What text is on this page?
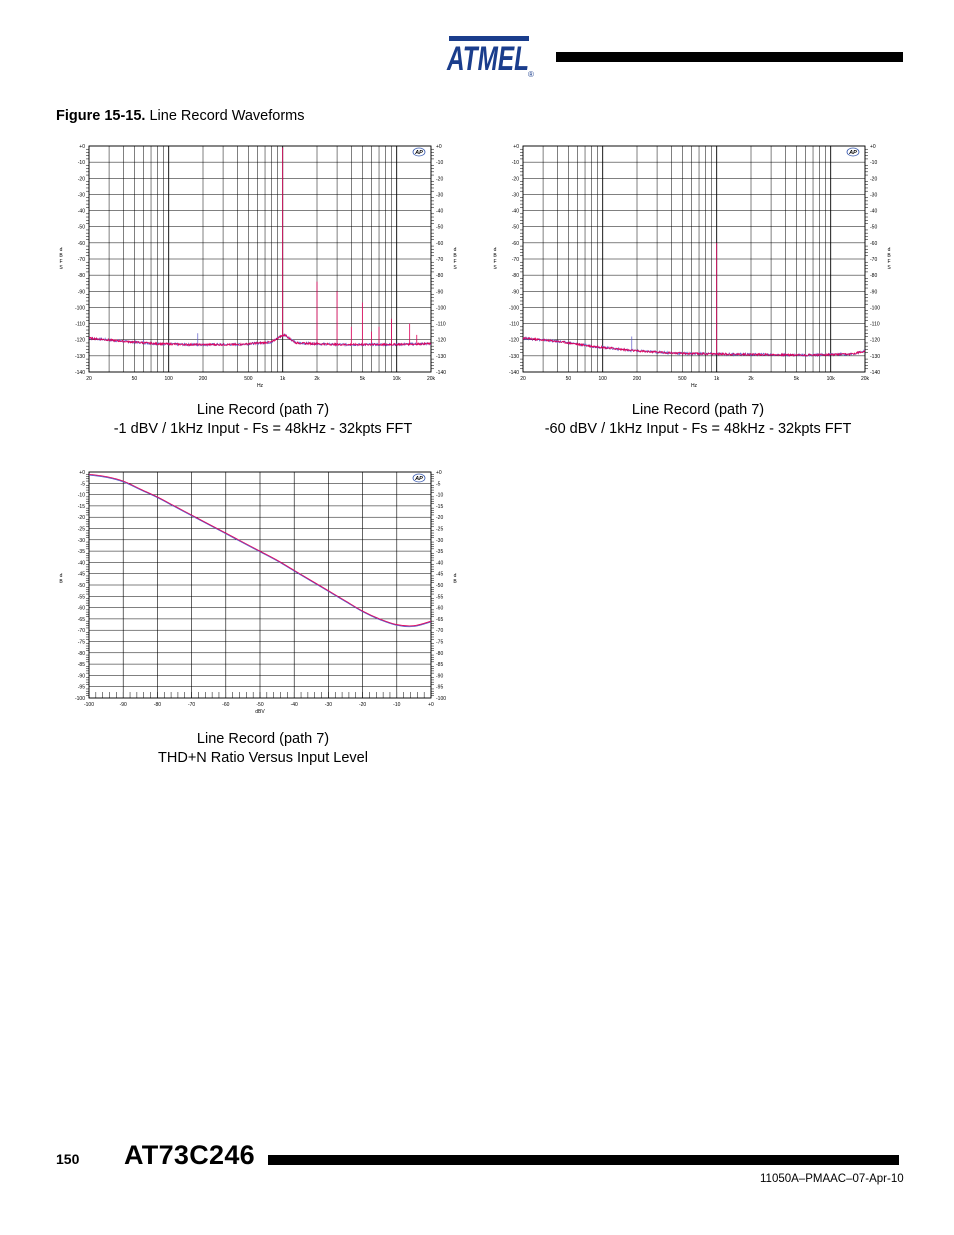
ATMEL ®
Figure 15-15. Line Record Waveforms
+0	+0
-10	-10
-20	-20
-30	-30
-40	-40
-50	-50
-60	-60
-70	-70
-80	-80
-90	-90
-100	-100
-110	-110
-120	-120
-130	-130
-140	-140
20	50	100	200	500	1k	2k	5k	10k	20k
Hz
d	d
B	B
F	F
S	S
AP
+0	+0
-10	-10
-20	-20
-30	-30
-40	-40
-50	-50
-60	-60
-70	-70
-80	-80
-90	-90
-100	-100
-110	-110
-120	-120
-130	-130
-140	-140
20	50	100	200	500	1k	2k	5k	10k	20k
Hz
d	d
B	B
F	F
S	S
AP
+0	+0
-5	-5
-10	-10
-15	-15
-20	-20
-25	-25
-30	-30
-35	-35
-40	-40
-45	-45
-50	-50
-55	-55
-60	-60
-65	-65
-70	-70
-75	-75
-80	-80
-85	-85
-90	-90
-95	-95
-100	-100
-100	-90	-80	-70	-60	-50	-40	-30	-20	-10	+0
dBV
d	d
B	B
AP
Line Record (path 7)
-1 dBV / 1kHz Input - Fs = 48kHz - 32kpts FFT
Line Record (path 7)
-60 dBV / 1kHz Input - Fs = 48kHz - 32kpts FFT
Line Record (path 7)
THD+N Ratio Versus Input Level
150 AT73C246
11050A–PMAAC–07-Apr-10
